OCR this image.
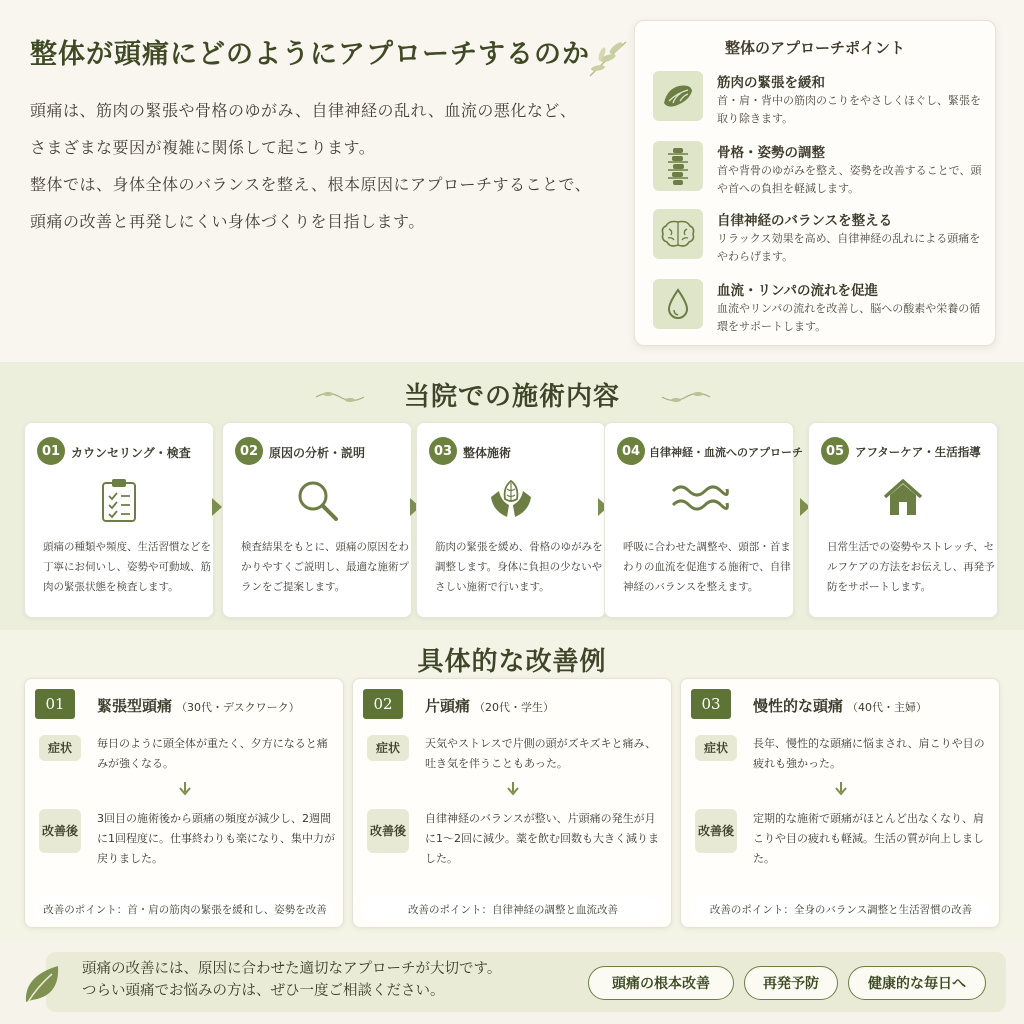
整体が頭痛にどのようにアプローチするのか

頭痛は、筋肉の緊張や骨格のゆがみ、自律神経の乱れ、血流の悪化など、

さまざまな要因が複雑に関係して起こります。

整体では、身体全体のバランスを整え、根本原因にアプローチすることで、

頭痛の改善と再発しにくい身体づくりを目指します。

整体のアプローチポイント
筋肉の緊張を緩和
首・肩・背中の筋肉のこりをやさしくほぐし、緊張を取り除きます。
骨格・姿勢の調整
首や背骨のゆがみを整え、姿勢を改善することで、頭や首への負担を軽減します。
自律神経のバランスを整える
リラックス効果を高め、自律神経の乱れによる頭痛をやわらげます。
血流・リンパの流れを促進
血流やリンパの流れを改善し、脳への酸素や栄養の循環をサポートします。
当院での施術内容
01 カウンセリング・検査
頭痛の種類や頻度、生活習慣などを丁寧にお伺いし、姿勢や可動域、筋肉の緊張状態を検査します。
02 原因の分析・説明
検査結果をもとに、頭痛の原因をわかりやすくご説明し、最適な施術プランをご提案します。
03 整体施術
筋肉の緊張を緩め、骨格のゆがみを調整します。身体に負担の少ないやさしい施術で行います。
04 自律神経・血流へのアプローチ
呼吸に合わせた調整や、頭部・首まわりの血流を促進する施術で、自律神経のバランスを整えます。
05 アフターケア・生活指導
日常生活での姿勢やストレッチ、セルフケアの方法をお伝えし、再発予防をサポートします。
具体的な改善例
01 緊張型頭痛 （30代・デスクワーク）
症状	毎日のように頭全体が重たく、夕方になると痛みが強くなる。
改善後
3回目の施術後から頭痛の頻度が減少し、2週間に1回程度に。仕事終わりも楽になり、集中力が戻りました。
改善のポイント：首・肩の筋肉の緊張を緩和し、姿勢を改善
02 片頭痛 （20代・学生）
症状	天気やストレスで片側の頭がズキズキと痛み、吐き気を伴うこともあった。
改善後
自律神経のバランスが整い、片頭痛の発生が月に1〜2回に減少。薬を飲む回数も大きく減りました。
改善のポイント：自律神経の調整と血流改善
03 慢性的な頭痛 （40代・主婦）
症状	長年、慢性的な頭痛に悩まされ、肩こりや目の疲れも強かった。
改善後
定期的な施術で頭痛がほとんど出なくなり、肩こりや目の疲れも軽減。生活の質が向上しました。
改善のポイント：全身のバランス調整と生活習慣の改善
頭痛の改善には、原因に合わせた適切なアプローチが大切です。
つらい頭痛でお悩みの方は、ぜひ一度ご相談ください。	頭痛の根本改善	再発予防	健康的な毎日へ
